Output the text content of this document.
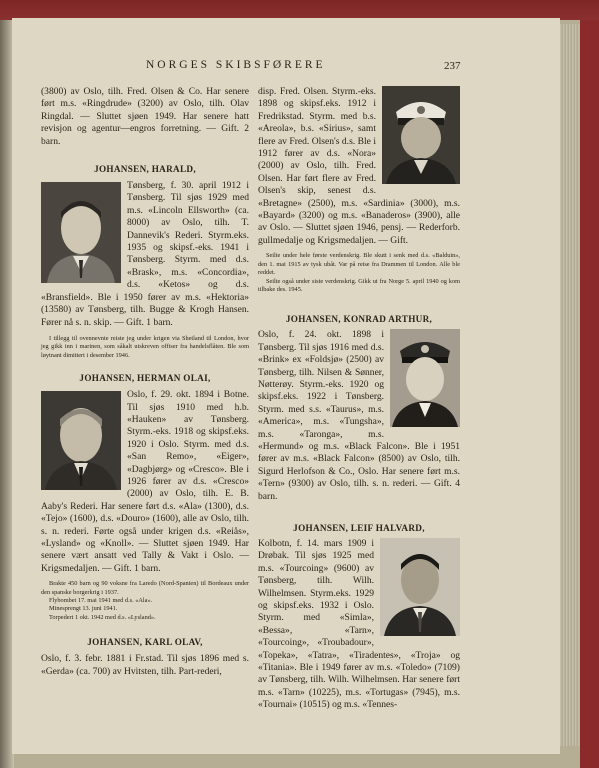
NORGES SKIBSFØRERE	237

(3800) av Oslo, tilh. Fred. Olsen & Co. Har senere ført m.s. «Ringdrude» (3200) av Oslo, tilh. Olav Ringdal. — Sluttet sjøen 1949. Har senere hatt revisjon og agentur—engros forretning. — Gift. 2 barn.

JOHANSEN, HARALD,

Tønsberg, f. 30. april 1912 i Tønsberg. Til sjøs 1929 med m.s. «Lincoln Ellsworth» (ca. 8000) av Oslo, tilh. T. Dannevik's Rederi. Styrm.eks. 1935 og skipsf.-eks. 1941 i Tønsberg. Styrm. med d.s. «Brask», m.s. «Concordia», d.s. «Ketos» og d.s. «Bransfield». Ble i 1950 fører av m.s. «Hektoria» (13580) av Tønsberg, tilh. Bugge & Krogh Hansen. Fører nå s. n. skip. — Gift. 1 barn.

I tillegg til ovennevnte reiste jeg under krigen via Shetland til London, hvor jeg gikk inn i marinen, som såkalt utskreven offiser fra handelsflåten. Ble som løytnant dimittert i desember 1946.

JOHANSEN, HERMAN OLAI,

Oslo, f. 29. okt. 1894 i Botne. Til sjøs 1910 med h.b. «Hauken» av Tønsberg. Styrm.-eks. 1918 og skipsf.eks. 1920 i Oslo. Styrm. med d.s. «San Remo», «Eiger», «Dagbjørg» og «Cresco». Ble i 1926 fører av d.s. «Cresco» (2000) av Oslo, tilh. E. B. Aaby's Rederi. Har senere ført d.s. «Ala» (1300), d.s. «Tejo» (1600), d.s. «Douro» (1600), alle av Oslo, tilh. s. n. rederi. Førte også under krigen d.s. «Reiås», «Lysland» og «Knoll». — Sluttet sjøen 1949. Har senere vært ansatt ved Tally & Vakt i Oslo. — Krigsmedaljen. — Gift. 1 barn.

Brakte 450 barn og 90 voksne fra Laredo (Nord-Spanien) til Bordeaux under den spanske borgerkrig i 1937.

Flybombet 17. mai 1941 med d.s. «Ala».

Minesprengt 13. juni 1941.

Torpedert 1 okt. 1942 med d.s. «Lysland».

JOHANSEN, KARL OLAV,

Oslo, f. 3. febr. 1881 i Fr.stad. Til sjøs 1896 med s. «Gerda» (ca. 700) av Hvitsten, tilh. Part-rederi,

disp. Fred. Olsen. Styrm.-eks. 1898 og skipsf.eks. 1912 i Fredrikstad. Styrm. med b.s. «Areola», b.s. «Sirius», samt flere av Fred. Olsen's d.s. Ble i 1912 fører av d.s. «Nora» (2000) av Oslo, tilh. Fred. Olsen. Har ført flere av Fred. Olsen's skip, senest d.s. «Bretagne» (2500), m.s. «Sardinia» (3000), m.s. «Bayard» (3200) og m.s. «Banaderos» (3900), alle av Oslo. — Sluttet sjøen 1946, pensj. — Rederforb. gullmedalje og Krigsmedaljen. — Gift.

Seilte under hele første verdenskrig. Ble skutt i senk med d.s. «Balduin», den 1. mai 1915 av tysk ubåt. Var på reise fra Drammen til London. Alle ble reddet.

Seilte også under siste verdenskrig. Gikk ut fra Norge 5. april 1940 og kom tilbake des. 1945.

JOHANSEN, KONRAD ARTHUR,

Oslo, f. 24. okt. 1898 i Tønsberg. Til sjøs 1916 med d.s. «Brink» ex «Foldsjø» (2500) av Tønsberg, tilh. Nilsen & Sønner, Nøtterøy. Styrm.-eks. 1920 og skipsf.eks. 1922 i Tønsberg. Styrm. med s.s. «Taurus», m.s. «America», m.s. «Tungsha», m.s. «Taronga», m.s. «Hermund» og m.s. «Black Falcon». Ble i 1951 fører av m.s. «Black Falcon» (8500) av Oslo, tilh. Sigurd Herlofson & Co., Oslo. Har senere ført m.s. «Tern» (9300) av Oslo, tilh. s. n. rederi. — Gift. 4 barn.

JOHANSEN, LEIF HALVARD,

Kolbotn, f. 14. mars 1909 i Drøbak. Til sjøs 1925 med m.s. «Tourcoing» (9600) av Tønsberg, tilh. Wilh. Wilhelmsen. Styrm.eks. 1929 og skipsf.eks. 1932 i Oslo. Styrm. med «Simla», «Bessa», «Tarn», «Tourcoing», «Troubadour», «Topeka», «Tatra», «Tiradentes», «Troja» og «Titania». Ble i 1949 fører av m.s. «Toledo» (7109) av Tønsberg, tilh. Wilh. Wilhelmsen. Har senere ført m.s. «Tarn» (10225), m.s. «Tortugas» (7945), m.s. «Tournai» (10515) og m.s. «Tennes-
